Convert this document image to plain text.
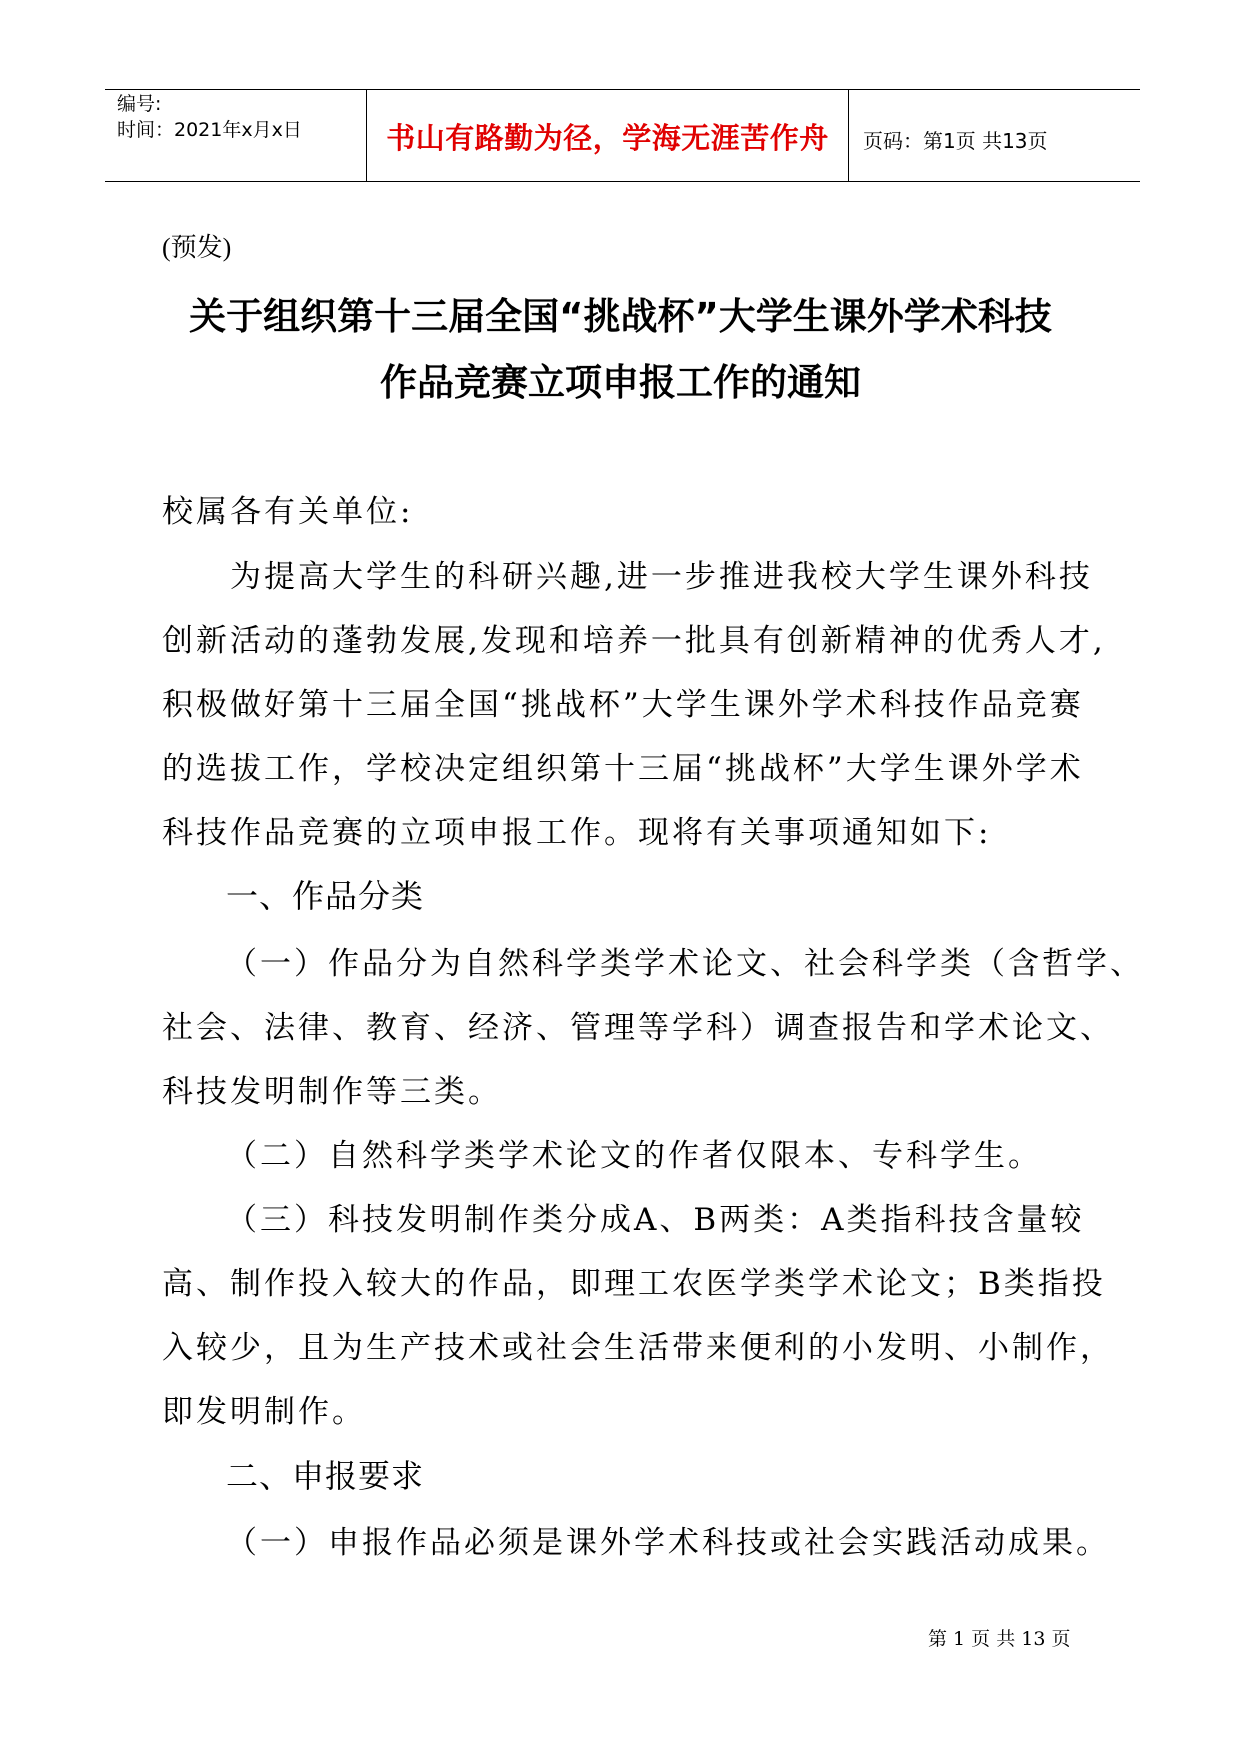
编号:
时间：2021年x月x日	书山有路勤为径，学海无涯苦作舟	页码：第1页 共13页
(预发)
关于组织第十三届全国“挑战杯”大学生课外学术科技
作品竞赛立项申报工作的通知
校属各有关单位:
　　为提高大学生的科研兴趣,进一步推进我校大学生课外科技
创新活动的蓬勃发展,发现和培养一批具有创新精神的优秀人才,
积极做好第十三届全国“挑战杯”大学生课外学术科技作品竞赛
的选拔工作，学校决定组织第十三届“挑战杯”大学生课外学术
科技作品竞赛的立项申报工作。现将有关事项通知如下:
一、作品分类
（一）作品分为自然科学类学术论文、社会科学类（含哲学、
社会、法律、教育、经济、管理等学科）调查报告和学术论文、
科技发明制作等三类。
（二）自然科学类学术论文的作者仅限本、专科学生。
（三）科技发明制作类分成A、B两类：A类指科技含量较
高、制作投入较大的作品，即理工农医学类学术论文；B类指投
入较少，且为生产技术或社会生活带来便利的小发明、小制作，
即发明制作。
二、申报要求
（一）申报作品必须是课外学术科技或社会实践活动成果。
第 1 页 共 13 页
